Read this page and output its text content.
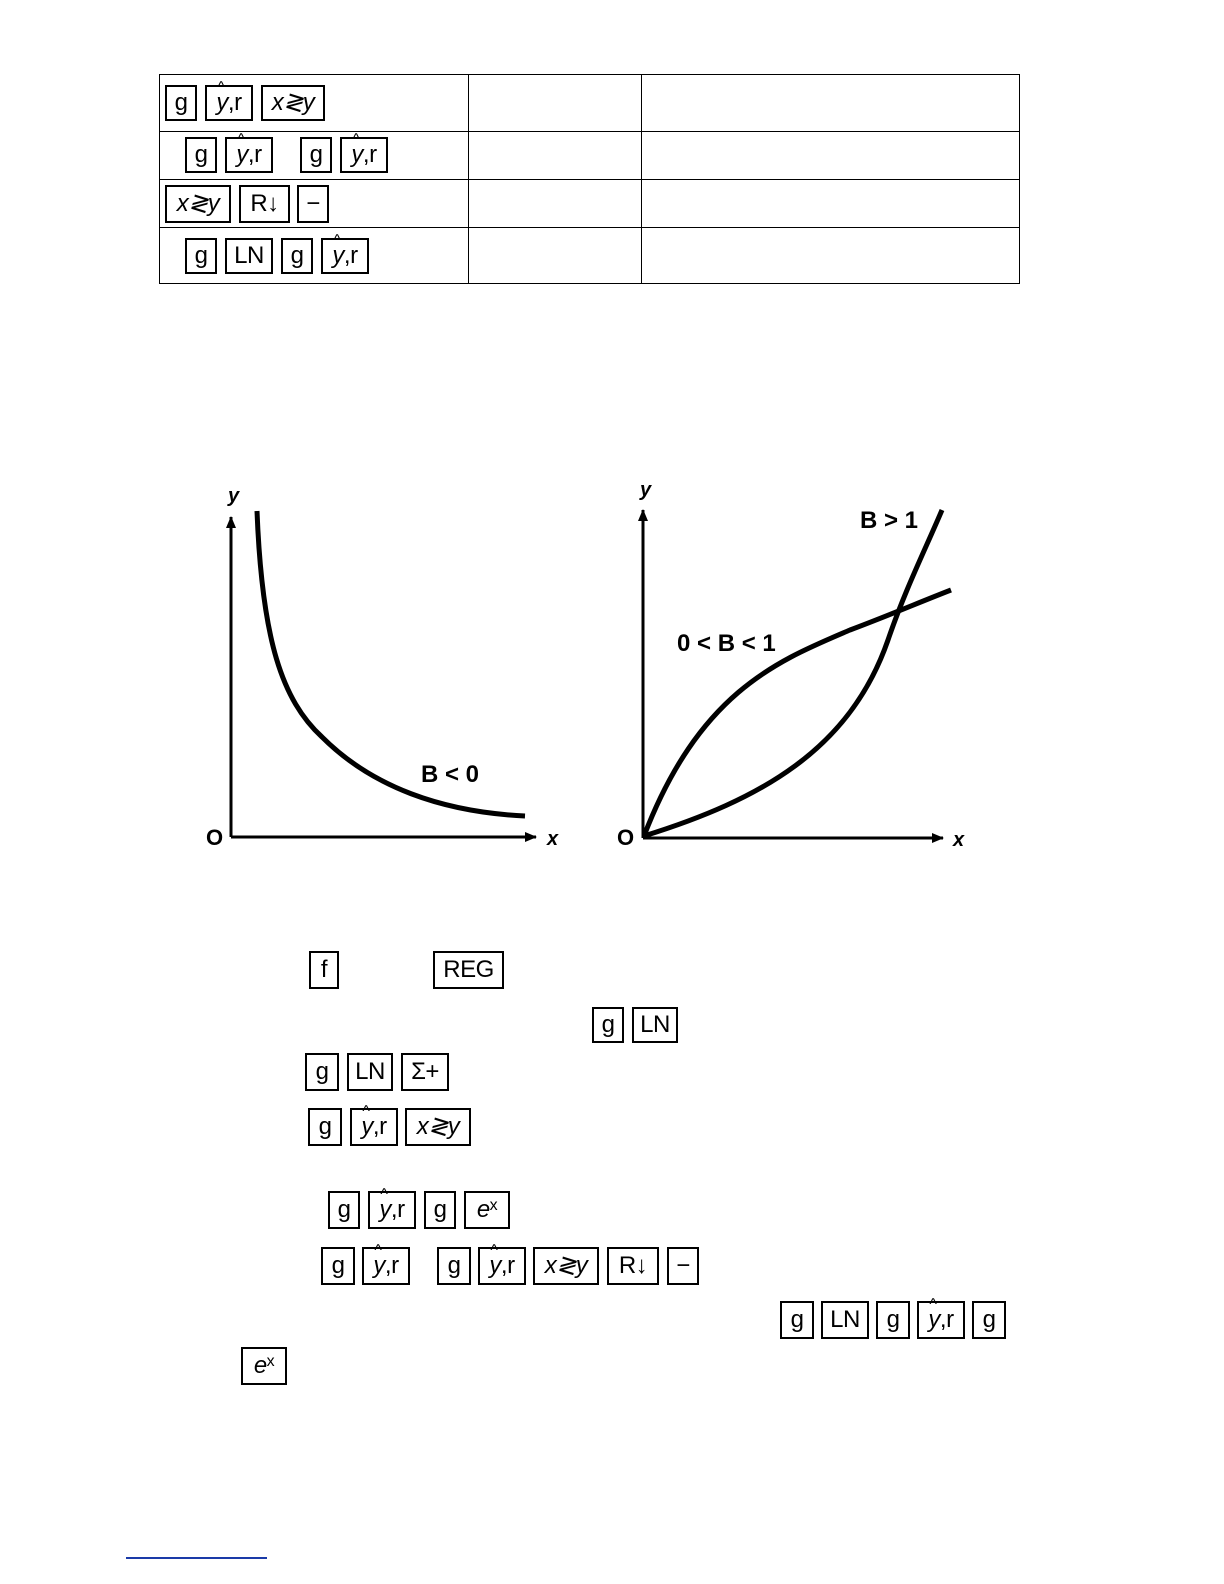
g ^ y ,r x≷y
g ^ y ,r g ^ y ,r
x≷y R↓ −
g LN g ^ y ,r
y
x
O
B < 0
y
x
O
B > 1
0 < B < 1
f	REG
g LN
g LN Σ+
g ^ y ,r x≷y
g ^ y ,r g $e^x$
g ^ y ,r g ^ y ,r x≷y R↓ −
g LN g ^ y ,r g
$e^x$
